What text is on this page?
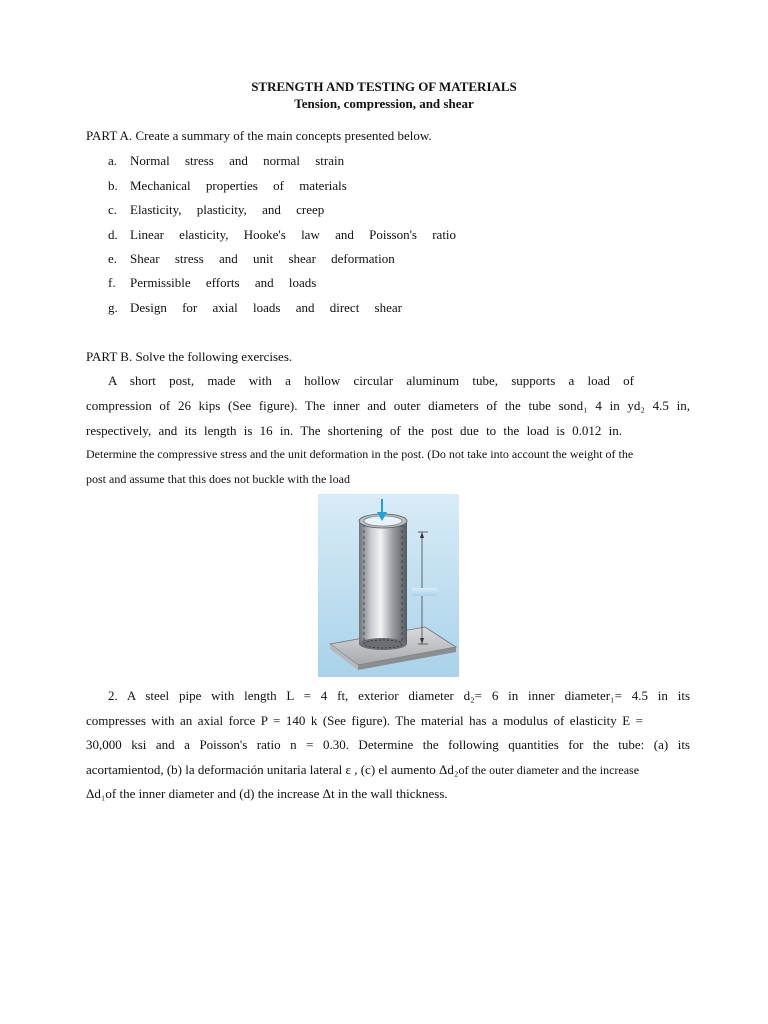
STRENGTH AND TESTING OF MATERIALS
Tension, compression, and shear
PART A. Create a summary of the main concepts presented below.
a. Normal stress and normal strain
b. Mechanical properties of materials
c. Elasticity, plasticity, and creep
d. Linear elasticity, Hooke's law and Poisson's ratio
e. Shear stress and unit shear deformation
f. Permissible efforts and loads
g. Design for axial loads and direct shear
PART B. Solve the following exercises.
A short post, made with a hollow circular aluminum tube, supports a load of
compression of 26 kips (See figure). The inner and outer diameters of the tube sond₁ 4 in yd₂ 4.5 in,
respectively, and its length is 16 in. The shortening of the post due to the load is 0.012 in.
Determine the compressive stress and the unit deformation in the post. (Do not take into account the weight of the
post and assume that this does not buckle with the load
2. A steel pipe with length L = 4 ft, exterior diameter d₂= 6 in inner diameter₁= 4.5 in its
compresses with an axial force P = 140 k (See figure). The material has a modulus of elasticity E =
30,000 ksi and a Poisson's ratio n = 0.30. Determine the following quantities for the tube: (a) its
acortamientod, (b) la deformación unitaria lateral ε , (c) el aumento Δd₂of the outer diameter and the increase
Δd₁of the inner diameter and (d) the increase Δt in the wall thickness.
